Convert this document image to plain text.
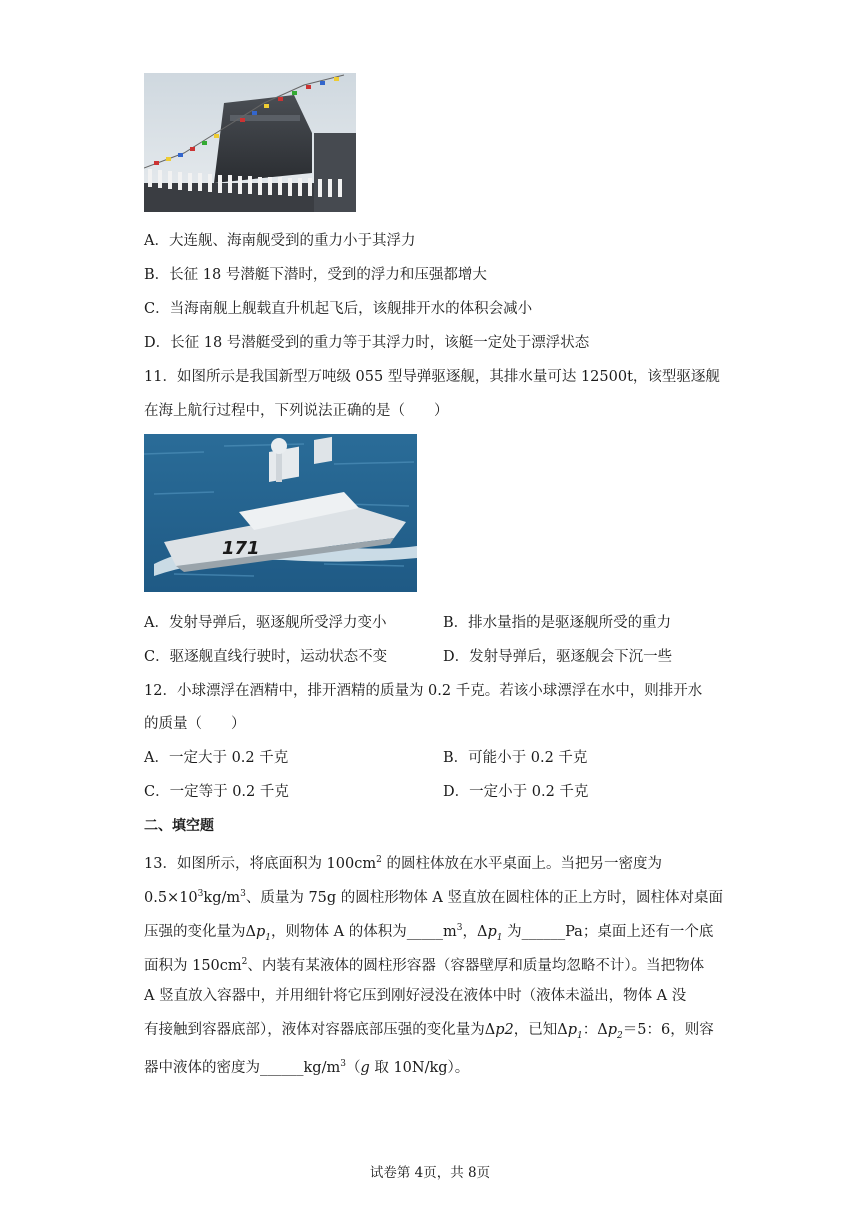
A．大连舰、海南舰受到的重力小于其浮力
B．长征 18 号潜艇下潜时，受到的浮力和压强都增大
C．当海南舰上舰载直升机起飞后，该舰排开水的体积会减小
D．长征 18 号潜艇受到的重力等于其浮力时，该艇一定处于漂浮状态
11．如图所示是我国新型万吨级 055 型导弹驱逐舰，其排水量可达 12500t，该型驱逐舰
在海上航行过程中，下列说法正确的是（　　）
171
A．发射导弹后，驱逐舰所受浮力变小	B．排水量指的是驱逐舰所受的重力
C．驱逐舰直线行驶时，运动状态不变	D．发射导弹后，驱逐舰会下沉一些
12．小球漂浮在酒精中，排开酒精的质量为 0.2 千克。若该小球漂浮在水中，则排开水
的质量（　　）
A．一定大于 0.2 千克	B．可能小于 0.2 千克
C．一定等于 0.2 千克	D．一定小于 0.2 千克
二、填空题
13．如图所示，将底面积为 $100cm^2$ 的圆柱体放在水平桌面上。当把另一密度为
$0.5\times 10^3kg/m^3$、质量为 75g 的圆柱形物体 A 竖直放在圆柱体的正上方时，圆柱体对桌面
压强的变化量为$\Delta p_1$，则物体 A 的体积为$\_\_\_\_\_m^3$，$\Delta p_1$ 为______Pa；桌面上还有一个底
面积为 $150cm^2$、内装有某液体的圆柱形容器（容器壁厚和质量均忽略不计）。当把物体
A 竖直放入容器中，并用细针将它压到刚好浸没在液体中时（液体未溢出，物体 A 没
有接触到容器底部），液体对容器底部压强的变化量为Δp2，已知$\Delta p_1$：$\Delta p_2=5$：6，则容
器中液体的密度为$\_\_\_\_\_\_kg/m^3(g$ 取 10N/kg）。
试卷第 4页，共 8页
